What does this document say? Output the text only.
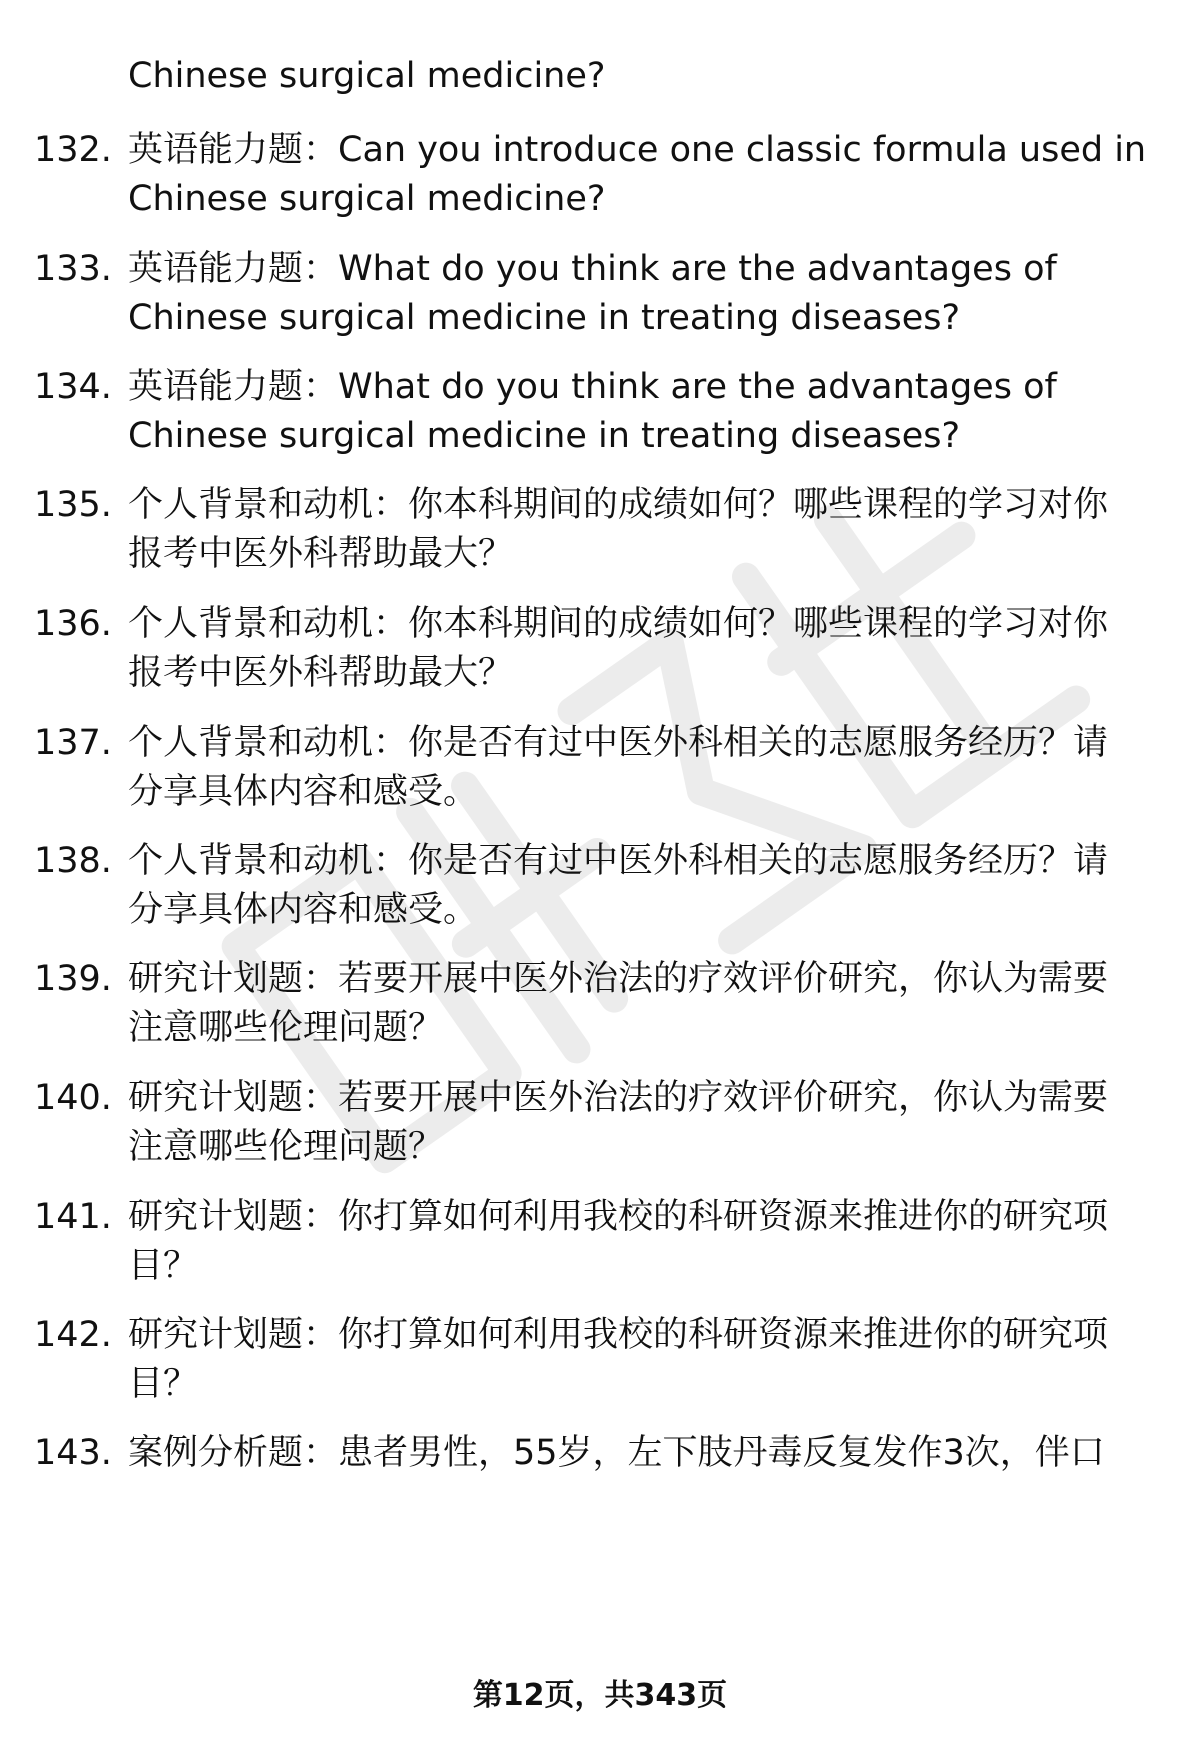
Chinese surgical medicine?
132. 英语能力题：Can you introduce one classic formula used in
Chinese surgical medicine?
133. 英语能力题：What do you think are the advantages of
Chinese surgical medicine in treating diseases?
134. 英语能力题：What do you think are the advantages of
Chinese surgical medicine in treating diseases?
135. 个人背景和动机：你本科期间的成绩如何？哪些课程的学习对你
报考中医外科帮助最大？
136. 个人背景和动机：你本科期间的成绩如何？哪些课程的学习对你
报考中医外科帮助最大？
137. 个人背景和动机：你是否有过中医外科相关的志愿服务经历？请
分享具体内容和感受。
138. 个人背景和动机：你是否有过中医外科相关的志愿服务经历？请
分享具体内容和感受。
139. 研究计划题：若要开展中医外治法的疗效评价研究，你认为需要
注意哪些伦理问题？
140. 研究计划题：若要开展中医外治法的疗效评价研究，你认为需要
注意哪些伦理问题？
141. 研究计划题：你打算如何利用我校的科研资源来推进你的研究项
目？
142. 研究计划题：你打算如何利用我校的科研资源来推进你的研究项
目？
143. 案例分析题：患者男性，55岁，左下肢丹毒反复发作3次，伴口
第12页，共343页
